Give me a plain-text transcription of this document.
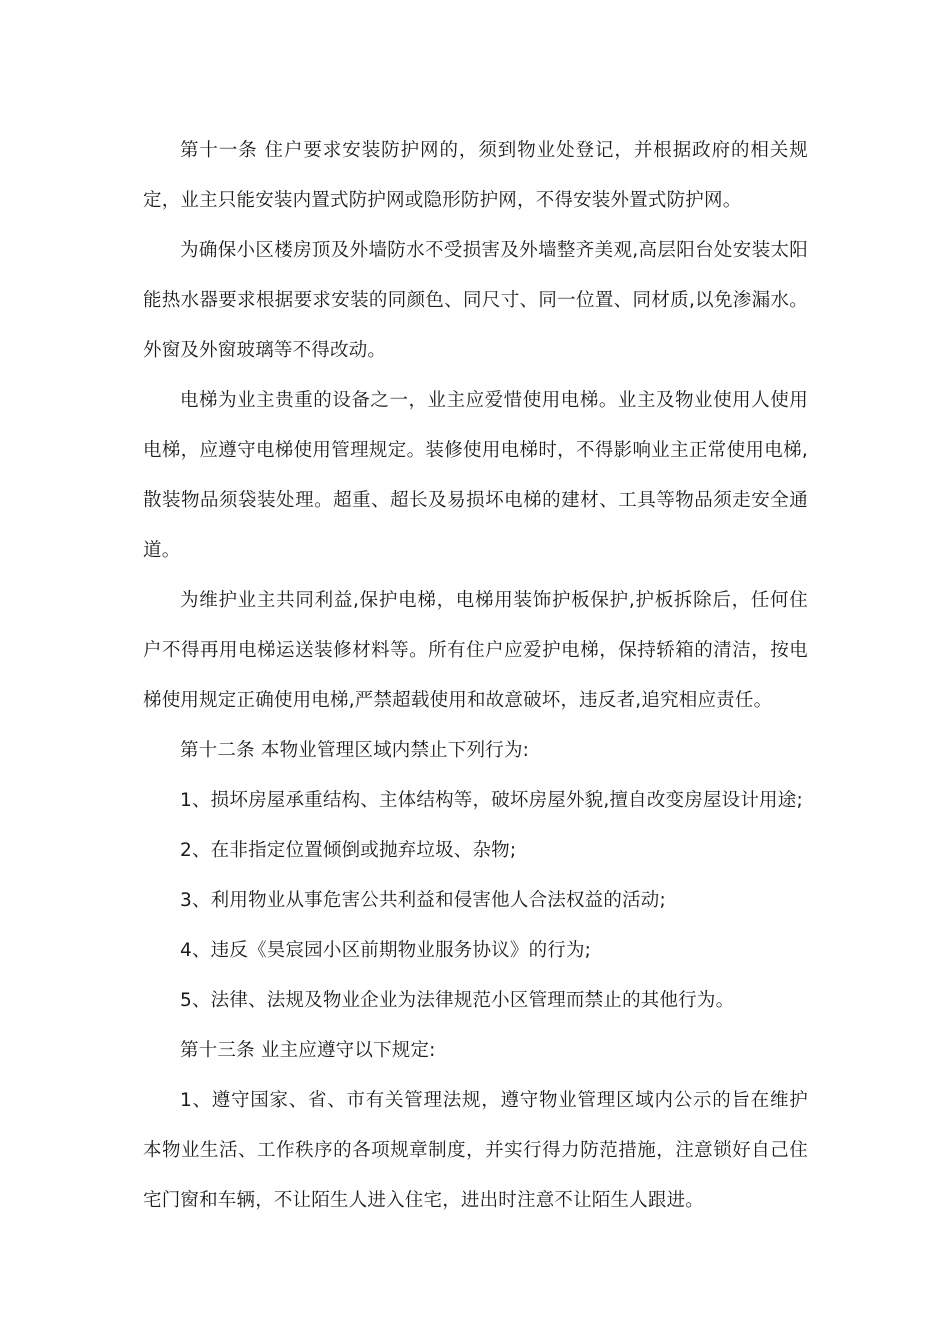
第十一条 住户要求安装防护网的，须到物业处登记，并根据政府的相关规定，业主只能安装内置式防护网或隐形防护网，不得安装外置式防护网。

为确保小区楼房顶及外墙防水不受损害及外墙整齐美观,高层阳台处安装太阳能热水器要求根据要求安装的同颜色、同尺寸、同一位置、同材质,以免渗漏水。外窗及外窗玻璃等不得改动。

电梯为业主贵重的设备之一，业主应爱惜使用电梯。业主及物业使用人使用电梯，应遵守电梯使用管理规定。装修使用电梯时，不得影响业主正常使用电梯,散装物品须袋装处理。超重、超长及易损坏电梯的建材、工具等物品须走安全通道。

为维护业主共同利益,保护电梯，电梯用装饰护板保护,护板拆除后，任何住户不得再用电梯运送装修材料等。所有住户应爱护电梯，保持轿箱的清洁，按电梯使用规定正确使用电梯,严禁超载使用和故意破坏，违反者,追究相应责任。

第十二条 本物业管理区域内禁止下列行为:

1、损坏房屋承重结构、主体结构等，破坏房屋外貌,擅自改变房屋设计用途;

2、在非指定位置倾倒或抛弃垃圾、杂物;

3、利用物业从事危害公共利益和侵害他人合法权益的活动;

4、违反《昊宸园小区前期物业服务协议》的行为;

5、法律、法规及物业企业为法律规范小区管理而禁止的其他行为。

第十三条 业主应遵守以下规定:

1、遵守国家、省、市有关管理法规，遵守物业管理区域内公示的旨在维护本物业生活、工作秩序的各项规章制度，并实行得力防范措施，注意锁好自己住宅门窗和车辆，不让陌生人进入住宅，进出时注意不让陌生人跟进。
